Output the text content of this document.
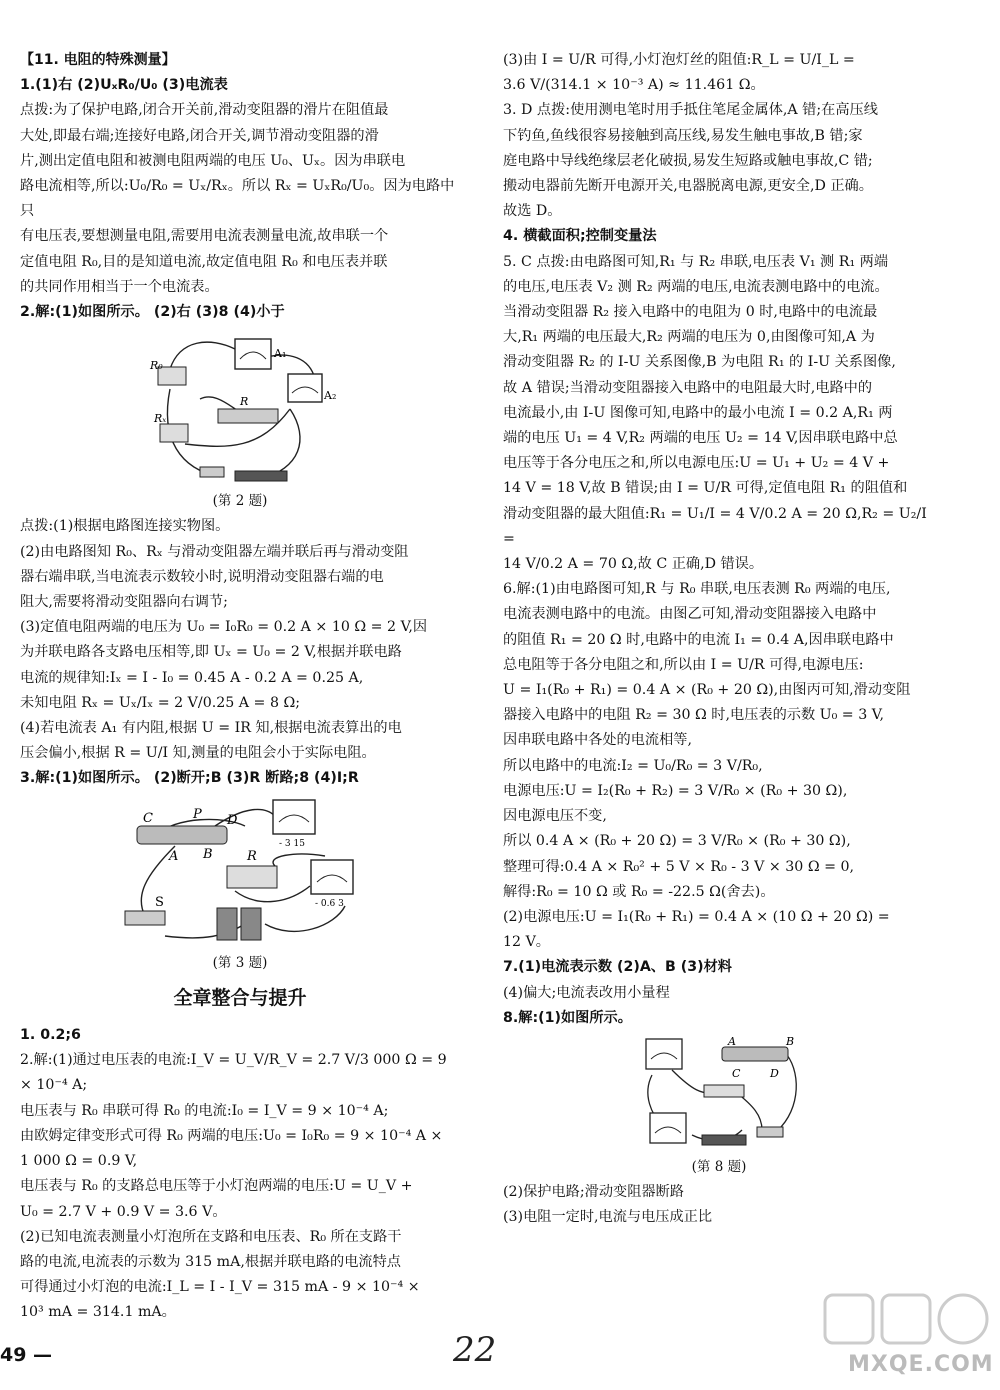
【11. 电阻的特殊测量】
1.(1)右 (2)UₓR₀/U₀ (3)电流表
点拨:为了保护电路,闭合开关前,滑动变阻器的滑片在阻值最
大处,即最右端;连接好电路,闭合开关,调节滑动变阻器的滑
片,测出定值电阻和被测电阻两端的电压 U₀、Uₓ。因为串联电
路电流相等,所以:U₀/R₀ = Uₓ/Rₓ。所以 Rₓ = UₓR₀/U₀。因为电路中只
有电压表,要想测量电阻,需要用电流表测量电流,故串联一个
定值电阻 R₀,目的是知道电流,故定值电阻 R₀ 和电压表并联
的共同作用相当于一个电流表。
2.解:(1)如图所示。 (2)右 (3)8 (4)小于
R₀
A₁
A₂
R
Rₓ
(第 2 题)
点拨:(1)根据电路图连接实物图。
(2)由电路图知 R₀、Rₓ 与滑动变阻器左端并联后再与滑动变阻
器右端串联,当电流表示数较小时,说明滑动变阻器右端的电
阻大,需要将滑动变阻器向右调节;
(3)定值电阻两端的电压为 U₀ = I₀R₀ = 0.2 A × 10 Ω = 2 V,因
为并联电路各支路电压相等,即 Uₓ = U₀ = 2 V,根据并联电路
电流的规律知:Iₓ = I - I₀ = 0.45 A - 0.2 A = 0.25 A,
未知电阻 Rₓ = Uₓ/Iₓ = 2 V/0.25 A = 8 Ω;
(4)若电流表 A₁ 有内阻,根据 U = IR 知,根据电流表算出的电
压会偏小,根据 R = U/I 知,测量的电阻会小于实际电阻。
3.解:(1)如图所示。 (2)断开;B (3)R 断路;8 (4)I;R
C	P D
A B	R
S
- 3 15
- 0.6 3
(第 3 题)
全章整合与提升
1. 0.2;6
2.解:(1)通过电压表的电流:I_V = U_V/R_V = 2.7 V/3 000 Ω = 9 × 10⁻⁴ A;
电压表与 R₀ 串联可得 R₀ 的电流:I₀ = I_V = 9 × 10⁻⁴ A;
由欧姆定律变形式可得 R₀ 两端的电压:U₀ = I₀R₀ = 9 × 10⁻⁴ A ×
1 000 Ω = 0.9 V,
电压表与 R₀ 的支路总电压等于小灯泡两端的电压:U = U_V +
U₀ = 2.7 V + 0.9 V = 3.6 V。
(2)已知电流表测量小灯泡所在支路和电压表、R₀ 所在支路干
路的电流,电流表的示数为 315 mA,根据并联电路的电流特点
可得通过小灯泡的电流:I_L = I - I_V = 315 mA - 9 × 10⁻⁴ ×
10³ mA = 314.1 mA。
(3)由 I = U/R 可得,小灯泡灯丝的阻值:R_L = U/I_L =
3.6 V/(314.1 × 10⁻³ A) ≈ 11.461 Ω。
3. D 点拨:使用测电笔时用手抵住笔尾金属体,A 错;在高压线
下钓鱼,鱼线很容易接触到高压线,易发生触电事故,B 错;家
庭电路中导线绝缘层老化破损,易发生短路或触电事故,C 错;
搬动电器前先断开电源开关,电器脱离电源,更安全,D 正确。
故选 D。
4. 横截面积;控制变量法
5. C 点拨:由电路图可知,R₁ 与 R₂ 串联,电压表 V₁ 测 R₁ 两端
的电压,电压表 V₂ 测 R₂ 两端的电压,电流表测电路中的电流。
当滑动变阻器 R₂ 接入电路中的电阻为 0 时,电路中的电流最
大,R₁ 两端的电压最大,R₂ 两端的电压为 0,由图像可知,A 为
滑动变阻器 R₂ 的 I-U 关系图像,B 为电阻 R₁ 的 I-U 关系图像,
故 A 错误;当滑动变阻器接入电路中的电阻最大时,电路中的
电流最小,由 I-U 图像可知,电路中的最小电流 I = 0.2 A,R₁ 两
端的电压 U₁ = 4 V,R₂ 两端的电压 U₂ = 14 V,因串联电路中总
电压等于各分电压之和,所以电源电压:U = U₁ + U₂ = 4 V +
14 V = 18 V,故 B 错误;由 I = U/R 可得,定值电阻 R₁ 的阻值和
滑动变阻器的最大阻值:R₁ = U₁/I = 4 V/0.2 A = 20 Ω,R₂ = U₂/I =
14 V/0.2 A = 70 Ω,故 C 正确,D 错误。
6.解:(1)由电路图可知,R 与 R₀ 串联,电压表测 R₀ 两端的电压,
电流表测电路中的电流。由图乙可知,滑动变阻器接入电路中
的阻值 R₁ = 20 Ω 时,电路中的电流 I₁ = 0.4 A,因串联电路中
总电阻等于各分电阻之和,所以由 I = U/R 可得,电源电压:
U = I₁(R₀ + R₁) = 0.4 A × (R₀ + 20 Ω),由图丙可知,滑动变阻
器接入电路中的电阻 R₂ = 30 Ω 时,电压表的示数 U₀ = 3 V,
因串联电路中各处的电流相等,
所以电路中的电流:I₂ = U₀/R₀ = 3 V/R₀,
电源电压:U = I₂(R₀ + R₂) = 3 V/R₀ × (R₀ + 30 Ω),
因电源电压不变,
所以 0.4 A × (R₀ + 20 Ω) = 3 V/R₀ × (R₀ + 30 Ω),
整理可得:0.4 A × R₀² + 5 V × R₀ - 3 V × 30 Ω = 0,
解得:R₀ = 10 Ω 或 R₀ = -22.5 Ω(舍去)。
(2)电源电压:U = I₁(R₀ + R₁) = 0.4 A × (10 Ω + 20 Ω) =
12 V。
7.(1)电流表示数 (2)A、B (3)材料
(4)偏大;电流表改用小量程
8.解:(1)如图所示。
A	B
C	D
(第 8 题)
(2)保护电路;滑动变阻器断路
(3)电阻一定时,电流与电压成正比
49 —	22	MXQE.COM
